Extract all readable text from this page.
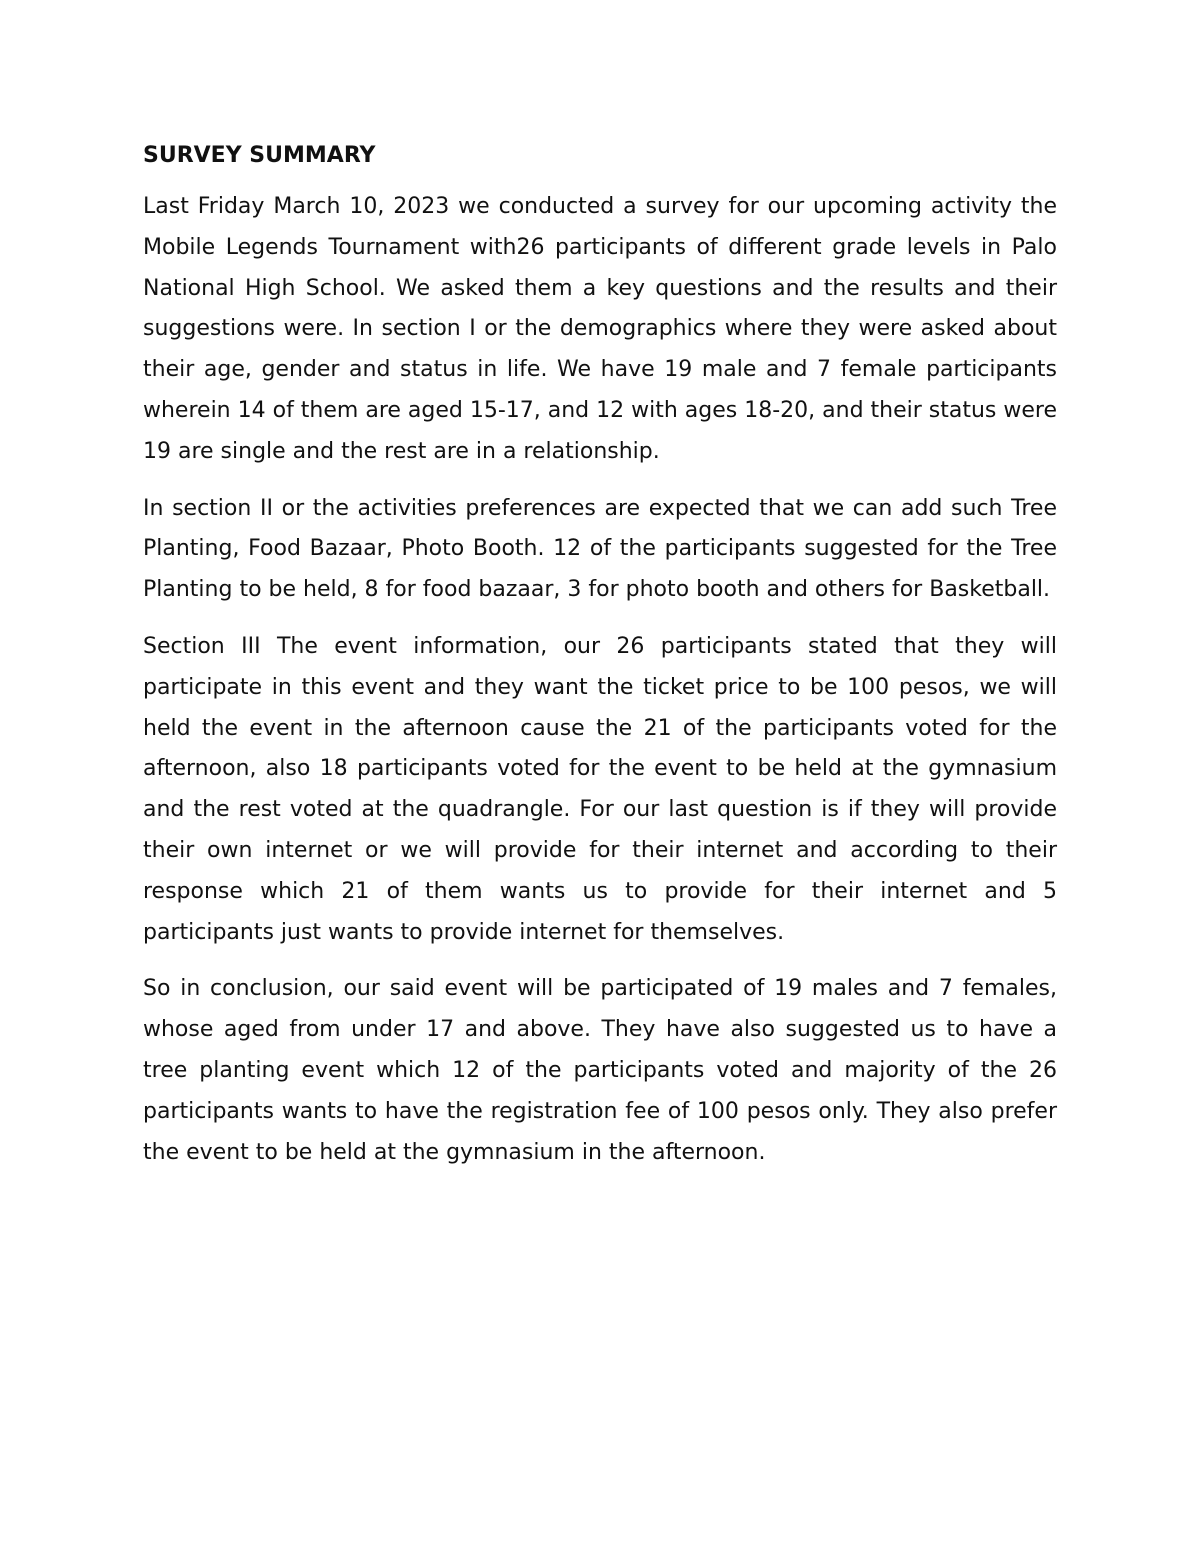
SURVEY SUMMARY

Last Friday March 10, 2023 we conducted a survey for our upcoming activity the Mobile Legends Tournament with26 participants of different grade levels in Palo National High School. We asked them a key questions and the results and their suggestions were. In section I or the demographics where they were asked about their age, gender and status in life. We have 19 male and 7 female participants wherein 14 of them are aged 15-17, and 12 with ages 18-20, and their status were 19 are single and the rest are in a relationship.

In section II or the activities preferences are expected that we can add such Tree Planting, Food Bazaar, Photo Booth. 12 of the participants suggested for the Tree Planting to be held, 8 for food bazaar, 3 for photo booth and others for Basketball.

Section III The event information, our 26 participants stated that they will participate in this event and they want the ticket price to be 100 pesos, we will held the event in the afternoon cause the 21 of the participants voted for the afternoon, also 18 participants voted for the event to be held at the gymnasium and the rest voted at the quadrangle. For our last question is if they will provide their own internet or we will provide for their internet and according to their response which 21 of them wants us to provide for their internet and 5 participants just wants to provide internet for themselves.

So in conclusion, our said event will be participated of 19 males and 7 females, whose aged from under 17 and above. They have also suggested us to have a tree planting event which 12 of the participants voted and majority of the 26 participants wants to have the registration fee of 100 pesos only. They also prefer the event to be held at the gymnasium in the afternoon.
